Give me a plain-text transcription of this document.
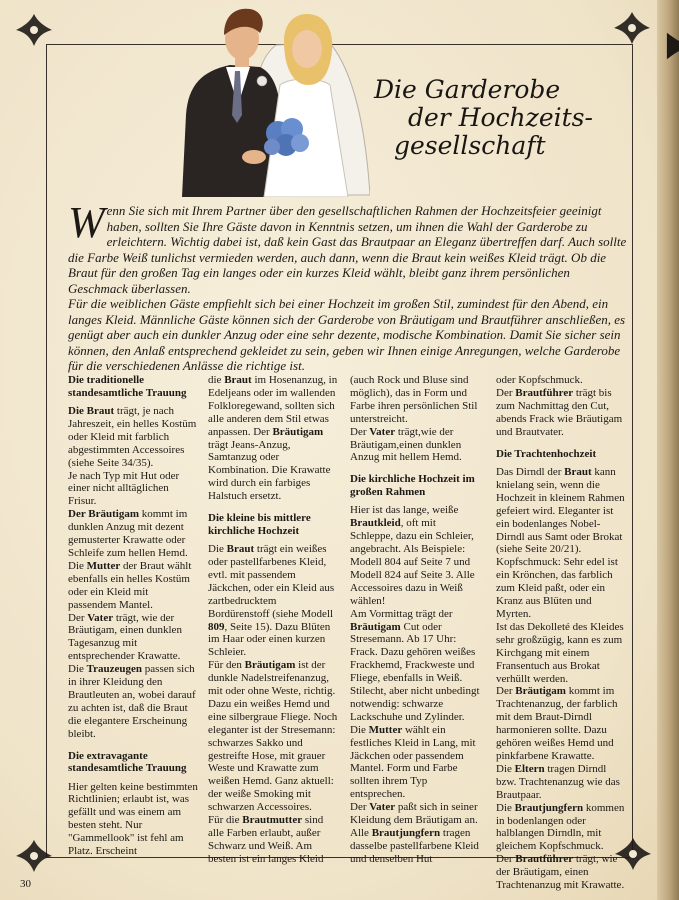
Die Garderobe
der Hochzeits-
gesellschaft

Wenn Sie sich mit Ihrem Partner über den gesellschaftlichen Rahmen der Hochzeitsfeier geeinigt haben, sollten Sie Ihre Gäste davon in Kenntnis setzen, um ihnen die Wahl der Garderobe zu erleichtern. Wichtig dabei ist, daß kein Gast das Brautpaar an Eleganz übertreffen darf. Auch sollte die Farbe Weiß tunlichst vermieden werden, auch dann, wenn die Braut kein weißes Kleid trägt. Ob die Braut für den großen Tag ein langes oder ein kurzes Kleid wählt, bleibt ganz ihrem persönlichen Geschmack überlassen.

Für die weiblichen Gäste empfiehlt sich bei einer Hochzeit im großen Stil, zumindest für den Abend, ein langes Kleid. Männliche Gäste können sich der Garderobe von Bräutigam und Brautführer anschließen, es genügt aber auch ein dunkler Anzug oder eine sehr dezente, modische Kombination. Damit Sie sicher sein können, den Anlaß entsprechend gekleidet zu sein, geben wir Ihnen einige Anregungen, welche Garderobe für die verschiedenen Anlässe die richtige ist.

Die traditionelle standesamtliche Trauung

Die Braut trägt, je nach Jahreszeit, ein helles Kostüm oder Kleid mit farblich abgestimmten Accessoires (siehe Seite 34/35).

Je nach Typ mit Hut oder einer nicht alltäglichen Frisur.

Der Bräutigam kommt im dunklen Anzug mit dezent gemusterter Krawatte oder Schleife zum hellen Hemd.

Die Mutter der Braut wählt ebenfalls ein helles Kostüm oder ein Kleid mit passendem Mantel.

Der Vater trägt, wie der Bräutigam, einen dunklen Tagesanzug mit entsprechender Krawatte.

Die Trauzeugen passen sich in ihrer Kleidung den Brautleuten an, wobei darauf zu achten ist, daß die Braut die elegantere Erscheinung bleibt.

Die extravagante standesamtliche Trauung

Hier gelten keine bestimmten Richtlinien; erlaubt ist, was gefällt und was einem am besten steht. Nur "Gammellook" ist fehl am Platz. Erscheint

die Braut im Hosenanzug, in Edeljeans oder im wallenden Folkloregewand, sollten sich alle anderen dem Stil etwas anpassen. Der Bräutigam trägt Jeans-Anzug, Samtanzug oder Kombination. Die Krawatte wird durch ein farbiges Halstuch ersetzt.

Die kleine bis mittlere kirchliche Hochzeit

Die Braut trägt ein weißes oder pastellfarbenes Kleid, evtl. mit passendem Jäckchen, oder ein Kleid aus zartbedrucktem Bordürenstoff (siehe Modell 809, Seite 15). Dazu Blüten im Haar oder einen kurzen Schleier.

Für den Bräutigam ist der dunkle Nadelstreifenanzug, mit oder ohne Weste, richtig. Dazu ein weißes Hemd und eine silbergraue Fliege. Noch eleganter ist der Stresemann: schwarzes Sakko und gestreifte Hose, mit grauer Weste und Krawatte zum weißen Hemd. Ganz aktuell: der weiße Smoking mit schwarzen Accessoires.

Für die Brautmutter sind alle Farben erlaubt, außer Schwarz und Weiß. Am besten ist ein langes Kleid

(auch Rock und Bluse sind möglich), das in Form und Farbe ihren persönlichen Stil unterstreicht.

Der Vater trägt,wie der Bräutigam,einen dunklen Anzug mit hellem Hemd.

Die kirchliche Hochzeit im großen Rahmen

Hier ist das lange, weiße Brautkleid, oft mit Schleppe, dazu ein Schleier, angebracht. Als Beispiele: Modell 804 auf Seite 7 und Modell 824 auf Seite 3. Alle Accessoires dazu in Weiß wählen!

Am Vormittag trägt der Bräutigam Cut oder Stresemann. Ab 17 Uhr: Frack. Dazu gehören weißes Frackhemd, Frackweste und Fliege, ebenfalls in Weiß. Stilecht, aber nicht unbedingt notwendig: schwarze Lackschuhe und Zylinder.

Die Mutter wählt ein festliches Kleid in Lang, mit Jäckchen oder passendem Mantel. Form und Farbe sollten ihrem Typ entsprechen.

Der Vater paßt sich in seiner Kleidung dem Bräutigam an.

Alle Brautjungfern tragen dasselbe pastellfarbene Kleid und denselben Hut

oder Kopfschmuck.

Der Brautführer trägt bis zum Nachmittag den Cut, abends Frack wie Bräutigam und Brautvater.

Die Trachtenhochzeit

Das Dirndl der Braut kann knielang sein, wenn die Hochzeit in kleinem Rahmen gefeiert wird. Eleganter ist ein bodenlanges Nobel-Dirndl aus Samt oder Brokat (siehe Seite 20/21). Kopfschmuck: Sehr edel ist ein Krönchen, das farblich zum Kleid paßt, oder ein Kranz aus Blüten und Myrten.

Ist das Dekolleté des Kleides sehr großzügig, kann es zum Kirchgang mit einem Fransentuch aus Brokat verhüllt werden.

Der Bräutigam kommt im Trachtenanzug, der farblich mit dem Braut-Dirndl harmonieren sollte. Dazu gehören weißes Hemd und pinkfarbene Krawatte.

Die Eltern tragen Dirndl bzw. Trachtenanzug wie das Brautpaar.

Die Brautjungfern kommen in bodenlangen oder halblangen Dirndln, mit gleichem Kopfschmuck.

Der Brautführer trägt, wie der Bräutigam, einen Trachtenanzug mit Krawatte.

30
